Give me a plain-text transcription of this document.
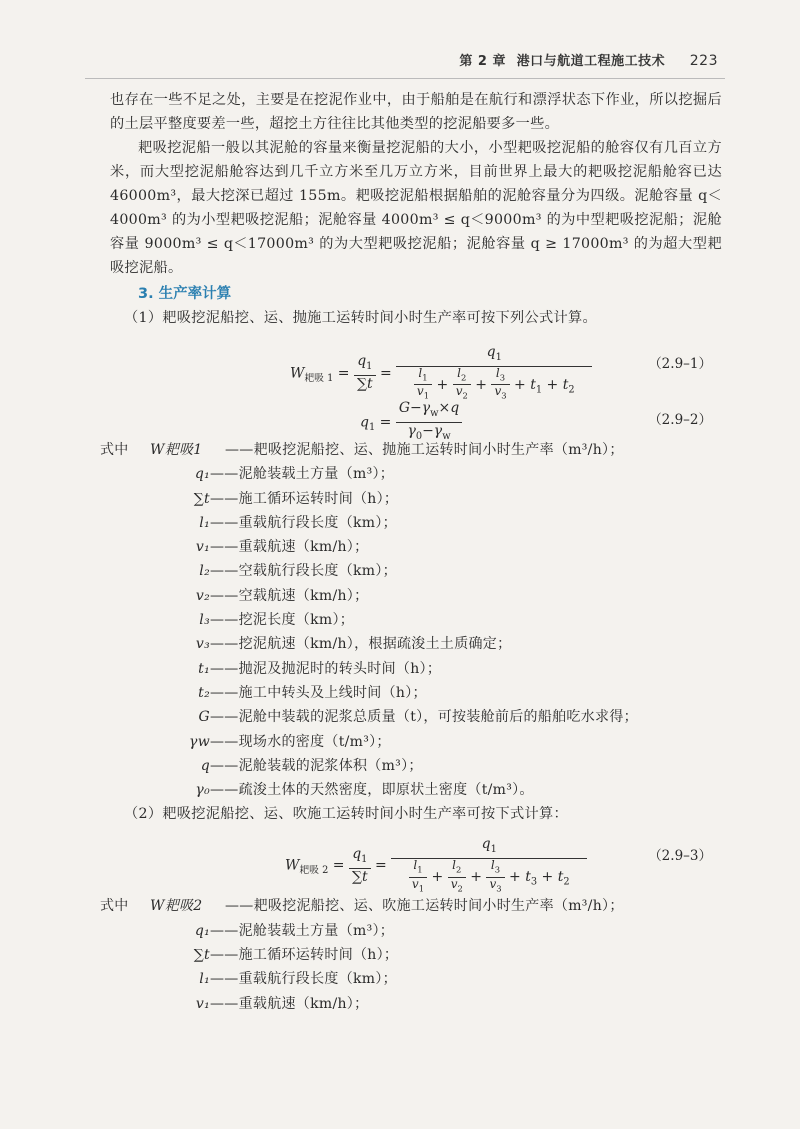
第 2 章 港口与航道工程施工技术 223

也存在一些不足之处，主要是在挖泥作业中，由于船舶是在航行和漂浮状态下作业，所以挖掘后的土层平整度要差一些，超挖土方往往比其他类型的挖泥船要多一些。

耙吸挖泥船一般以其泥舱的容量来衡量挖泥船的大小，小型耙吸挖泥船的舱容仅有几百立方米，而大型挖泥船舱容达到几千立方米至几万立方米，目前世界上最大的耙吸挖泥船舱容已达 46000m³，最大挖深已超过 155m。耙吸挖泥船根据船舶的泥舱容量分为四级。泥舱容量 q＜4000m³ 的为小型耙吸挖泥船；泥舱容量 4000m³ ≤ q＜9000m³ 的为中型耙吸挖泥船；泥舱容量 9000m³ ≤ q＜17000m³ 的为大型耙吸挖泥船；泥舱容量 q ≥ 17000m³ 的为超大型耙吸挖泥船。

3. 生产率计算

（1）耙吸挖泥船挖、运、抛施工运转时间小时生产率可按下列公式计算。

$W_{耙吸 1} = \frac{q_1}{\sum t} = \frac{q_1}{\frac{l_1}{v_1} + \frac{l_2}{v_2} + \frac{l_3}{v_3} + t_1 + t_2}$	（2.9–1）
$q_1 = \frac{G-\gamma_w\times q}{\gamma_0-\gamma_w}$	（2.9–2）
式中 W耙吸1 ——耙吸挖泥船挖、运、抛施工运转时间小时生产率（m³/h）；
q₁——泥舱装载土方量（m³）；
∑t——施工循环运转时间（h）；
l₁——重载航行段长度（km）；
v₁——重载航速（km/h）；
l₂——空载航行段长度（km）；
v₂——空载航速（km/h）；
l₃——挖泥长度（km）；
v₃——挖泥航速（km/h），根据疏浚土土质确定；
t₁——抛泥及抛泥时的转头时间（h）；
t₂——施工中转头及上线时间（h）；
G——泥舱中装载的泥浆总质量（t），可按装舱前后的船舶吃水求得；
γw——现场水的密度（t/m³）；
q——泥舱装载的泥浆体积（m³）；
γ₀——疏浚土体的天然密度，即原状土密度（t/m³）。

（2）耙吸挖泥船挖、运、吹施工运转时间小时生产率可按下式计算：

$W_{耙吸 2} = \frac{q_1}{\sum t} = \frac{q_1}{\frac{l_1}{v_1} + \frac{l_2}{v_2} + \frac{l_3}{v_3} + t_3 + t_2}$	（2.9–3）
式中 W耙吸2 ——耙吸挖泥船挖、运、吹施工运转时间小时生产率（m³/h）；
q₁——泥舱装载土方量（m³）；
∑t——施工循环运转时间（h）；
l₁——重载航行段长度（km）；
v₁——重载航速（km/h）；
